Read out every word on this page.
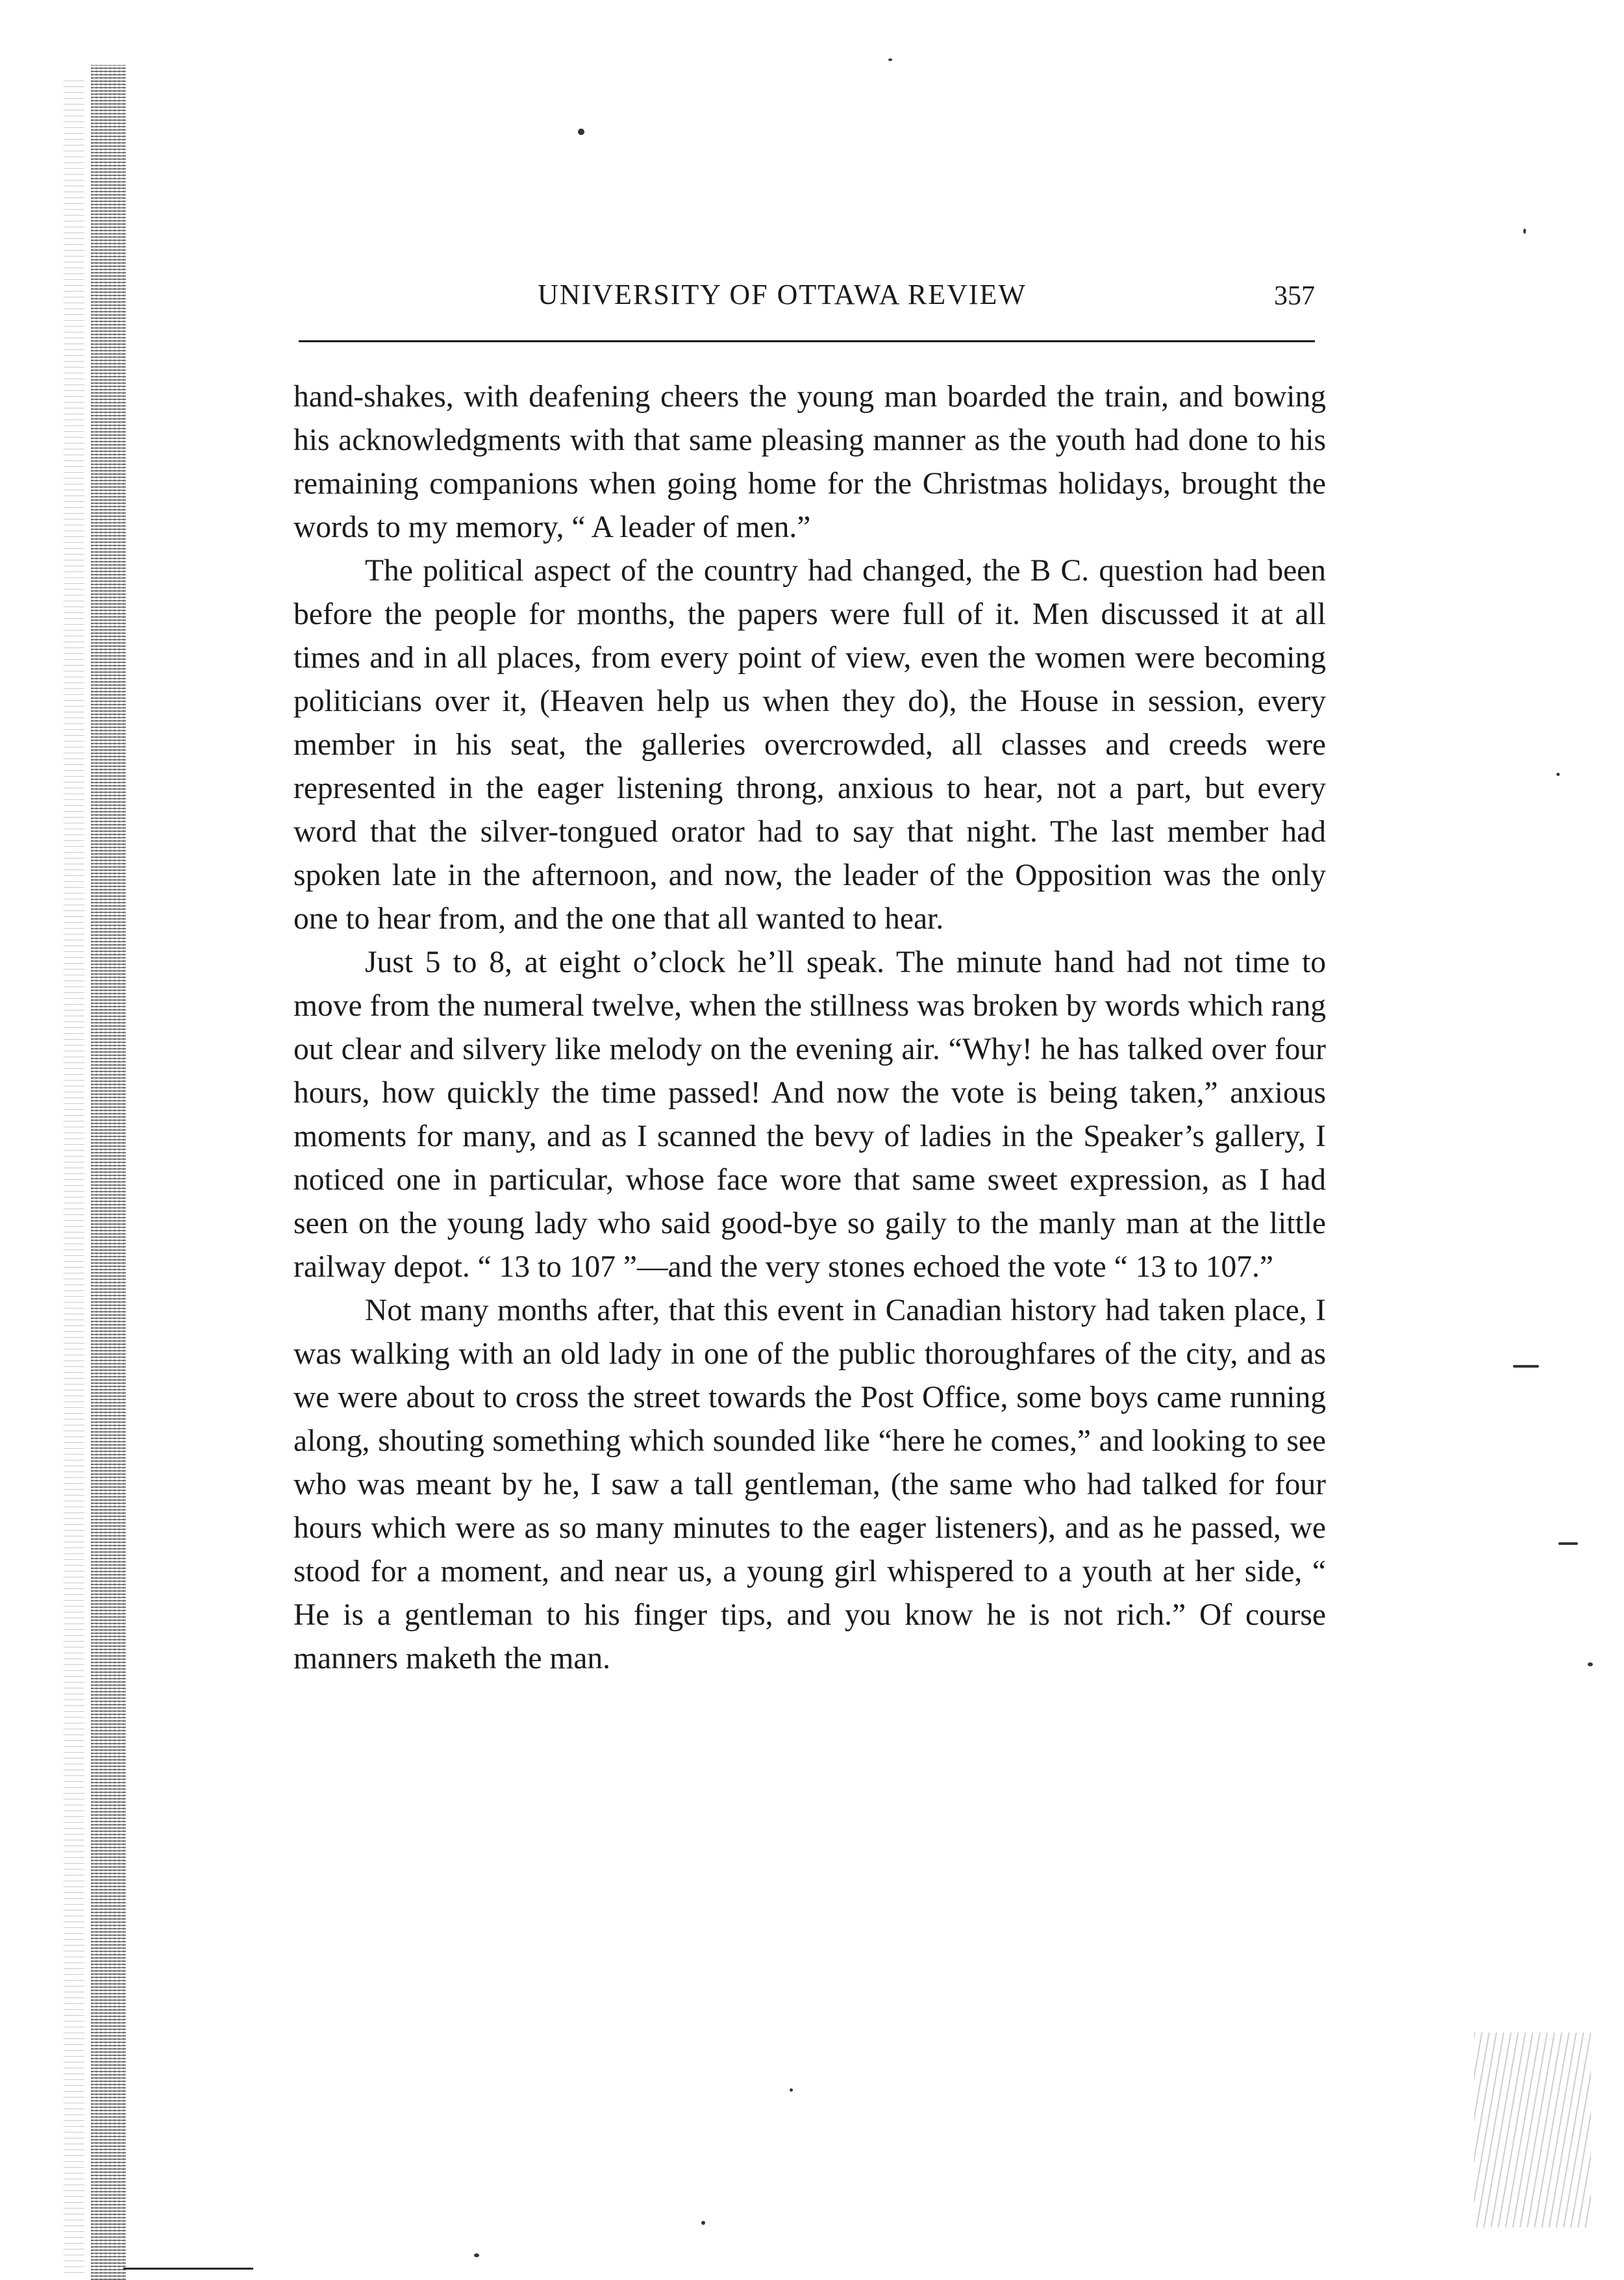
UNIVERSITY OF OTTAWA REVIEW	357

hand-shakes, with deafening cheers the young man boarded the train, and bowing his acknowledgments with that same pleasing manner as the youth had done to his remaining companions when going home for the Christmas holidays, brought the words to my memory, “ A leader of men.”

The political aspect of the country had changed, the B C. question had been before the people for months, the papers were full of it. Men discussed it at all times and in all places, from every point of view, even the women were becoming politicians over it, (Heaven help us when they do), the House in session, every member in his seat, the galleries overcrowded, all classes and creeds were represented in the eager listening throng, anxious to hear, not a part, but every word that the silver-tongued orator had to say that night. The last member had spoken late in the afternoon, and now, the leader of the Opposition was the only one to hear from, and the one that all wanted to hear.

Just 5 to 8, at eight o’clock he’ll speak. The minute hand had not time to move from the numeral twelve, when the stillness was broken by words which rang out clear and silvery like melody on the evening air. “Why! he has talked over four hours, how quickly the time passed! And now the vote is being taken,” anxious moments for many, and as I scanned the bevy of ladies in the Speaker’s gallery, I noticed one in particular, whose face wore that same sweet expression, as I had seen on the young lady who said good-bye so gaily to the manly man at the little railway depot. “ 13 to 107 ”—and the very stones echoed the vote “ 13 to 107.”

Not many months after, that this event in Canadian history had taken place, I was walking with an old lady in one of the public thoroughfares of the city, and as we were about to cross the street towards the Post Office, some boys came running along, shouting something which sounded like “here he comes,” and looking to see who was meant by he, I saw a tall gentleman, (the same who had talked for four hours which were as so many minutes to the eager listeners), and as he passed, we stood for a moment, and near us, a young girl whispered to a youth at her side, “ He is a gentleman to his finger tips, and you know he is not rich.” Of course manners maketh the man.
